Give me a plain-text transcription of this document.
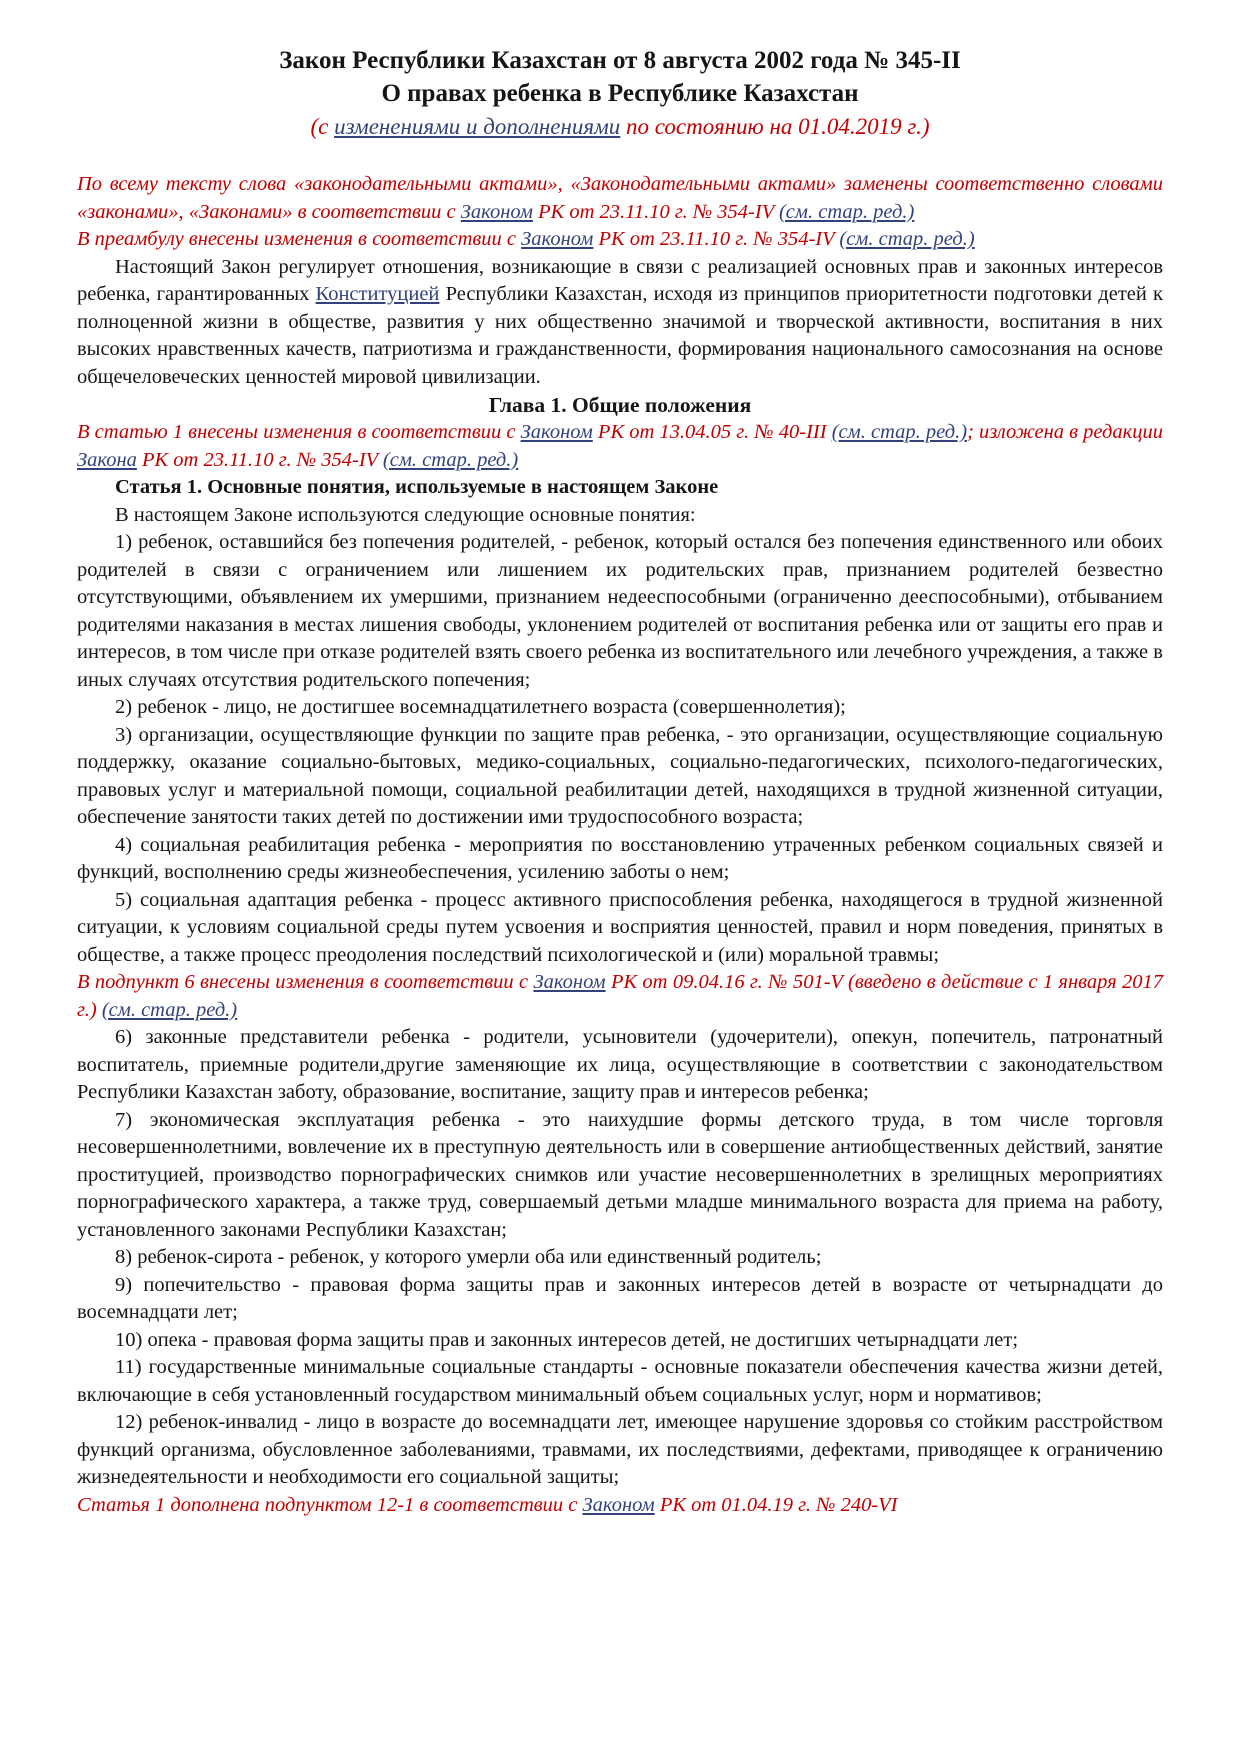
Закон Республики Казахстан от 8 августа 2002 года № 345-II
О правах ребенка в Республике Казахстан
(с изменениями и дополнениями по состоянию на 01.04.2019 г.)

По всему тексту слова «законодательными актами», «Законодательными актами» заменены соответственно словами «законами», «Законами» в соответствии с Законом РК от 23.11.10 г. № 354-IV (см. стар. ред.)

В преамбулу внесены изменения в соответствии с Законом РК от 23.11.10 г. № 354-IV (см. стар. ред.)

Настоящий Закон регулирует отношения, возникающие в связи с реализацией основных прав и законных интересов ребенка, гарантированных Конституцией Республики Казахстан, исходя из принципов приоритетности подготовки детей к полноценной жизни в обществе, развития у них общественно значимой и творческой активности, воспитания в них высоких нравственных качеств, патриотизма и гражданственности, формирования национального самосознания на основе общечеловеческих ценностей мировой цивилизации.

Глава 1. Общие положения

В статью 1 внесены изменения в соответствии с Законом РК от 13.04.05 г. № 40-III (см. стар. ред.); изложена в редакции Закона РК от 23.11.10 г. № 354-IV (см. стар. ред.)

Статья 1. Основные понятия, используемые в настоящем Законе

В настоящем Законе используются следующие основные понятия:

1) ребенок, оставшийся без попечения родителей, - ребенок, который остался без попечения единственного или обоих родителей в связи с ограничением или лишением их родительских прав, признанием родителей безвестно отсутствующими, объявлением их умершими, признанием недееспособными (ограниченно дееспособными), отбыванием родителями наказания в местах лишения свободы, уклонением родителей от воспитания ребенка или от защиты его прав и интересов, в том числе при отказе родителей взять своего ребенка из воспитательного или лечебного учреждения, а также в иных случаях отсутствия родительского попечения;

2) ребенок - лицо, не достигшее восемнадцатилетнего возраста (совершеннолетия);

3) организации, осуществляющие функции по защите прав ребенка, - это организации, осуществляющие социальную поддержку, оказание социально-бытовых, медико-социальных, социально-педагогических, психолого-педагогических, правовых услуг и материальной помощи, социальной реабилитации детей, находящихся в трудной жизненной ситуации, обеспечение занятости таких детей по достижении ими трудоспособного возраста;

4) социальная реабилитация ребенка - мероприятия по восстановлению утраченных ребенком социальных связей и функций, восполнению среды жизнеобеспечения, усилению заботы о нем;

5) социальная адаптация ребенка - процесс активного приспособления ребенка, находящегося в трудной жизненной ситуации, к условиям социальной среды путем усвоения и восприятия ценностей, правил и норм поведения, принятых в обществе, а также процесс преодоления последствий психологической и (или) моральной травмы;

В подпункт 6 внесены изменения в соответствии с Законом РК от 09.04.16 г. № 501-V (введено в действие с 1 января 2017 г.) (см. стар. ред.)

6) законные представители ребенка - родители, усыновители (удочерители), опекун, попечитель, патронатный воспитатель, приемные родители,другие заменяющие их лица, осуществляющие в соответствии с законодательством Республики Казахстан заботу, образование, воспитание, защиту прав и интересов ребенка;

7) экономическая эксплуатация ребенка - это наихудшие формы детского труда, в том числе торговля несовершеннолетними, вовлечение их в преступную деятельность или в совершение антиобщественных действий, занятие проституцией, производство порнографических снимков или участие несовершеннолетних в зрелищных мероприятиях порнографического характера, а также труд, совершаемый детьми младше минимального возраста для приема на работу, установленного законами Республики Казахстан;

8) ребенок-сирота - ребенок, у которого умерли оба или единственный родитель;

9) попечительство - правовая форма защиты прав и законных интересов детей в возрасте от четырнадцати до восемнадцати лет;

10) опека - правовая форма защиты прав и законных интересов детей, не достигших четырнадцати лет;

11) государственные минимальные социальные стандарты - основные показатели обеспечения качества жизни детей, включающие в себя установленный государством минимальный объем социальных услуг, норм и нормативов;

12) ребенок-инвалид - лицо в возрасте до восемнадцати лет, имеющее нарушение здоровья со стойким расстройством функций организма, обусловленное заболеваниями, травмами, их последствиями, дефектами, приводящее к ограничению жизнедеятельности и необходимости его социальной защиты;

Статья 1 дополнена подпунктом 12-1 в соответствии с Законом РК от 01.04.19 г. № 240-VI
